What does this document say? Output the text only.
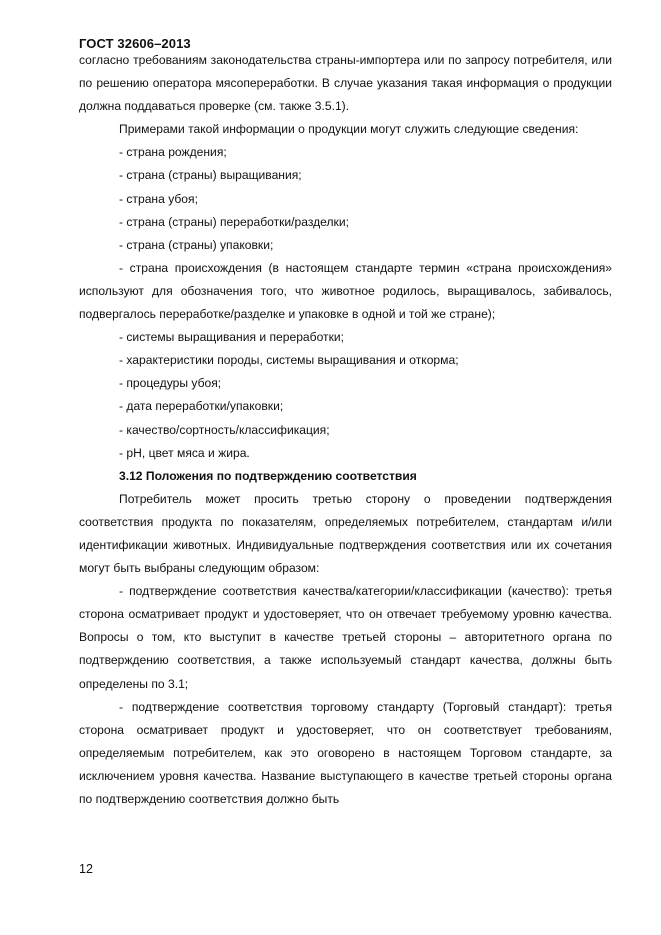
ГОСТ 32606–2013

согласно требованиям законодательства страны-импортера или по запросу потребителя, или по решению оператора мясопереработки. В случае указания такая информация о продукции должна поддаваться проверке (см. также 3.5.1).

Примерами такой информации о продукции могут служить следующие сведения:

- страна рождения;

- страна (страны) выращивания;

- страна убоя;

- страна (страны) переработки/разделки;

- страна (страны) упаковки;

- страна происхождения (в настоящем стандарте термин «страна происхождения» используют для обозначения того, что животное родилось, выращивалось, забивалось, подвергалось переработке/разделке и упаковке в одной и той же стране);

- системы выращивания и переработки;

- характеристики породы, системы выращивания и откорма;

- процедуры убоя;

- дата переработки/упаковки;

- качество/сортность/классификация;

- pH, цвет мяса и жира.

3.12 Положения по подтверждению соответствия

Потребитель может просить третью сторону о проведении подтверждения соответствия продукта по показателям, определяемых потребителем, стандартам и/или идентификации животных. Индивидуальные подтверждения соответствия или их сочетания могут быть выбраны следующим образом:

- подтверждение соответствия качества/категории/классификации (качество): третья сторона осматривает продукт и удостоверяет, что он отвечает требуемому уровню качества. Вопросы о том, кто выступит в качестве третьей стороны – авторитетного органа по подтверждению соответствия, а также используемый стандарт качества, должны быть определены по 3.1;

- подтверждение соответствия торговому стандарту (Торговый стандарт): третья сторона осматривает продукт и удостоверяет, что он соответствует требованиям, определяемым потребителем, как это оговорено в настоящем Торговом стандарте, за исключением уровня качества. Название выступающего в качестве третьей стороны органа по подтверждению соответствия должно быть

12
